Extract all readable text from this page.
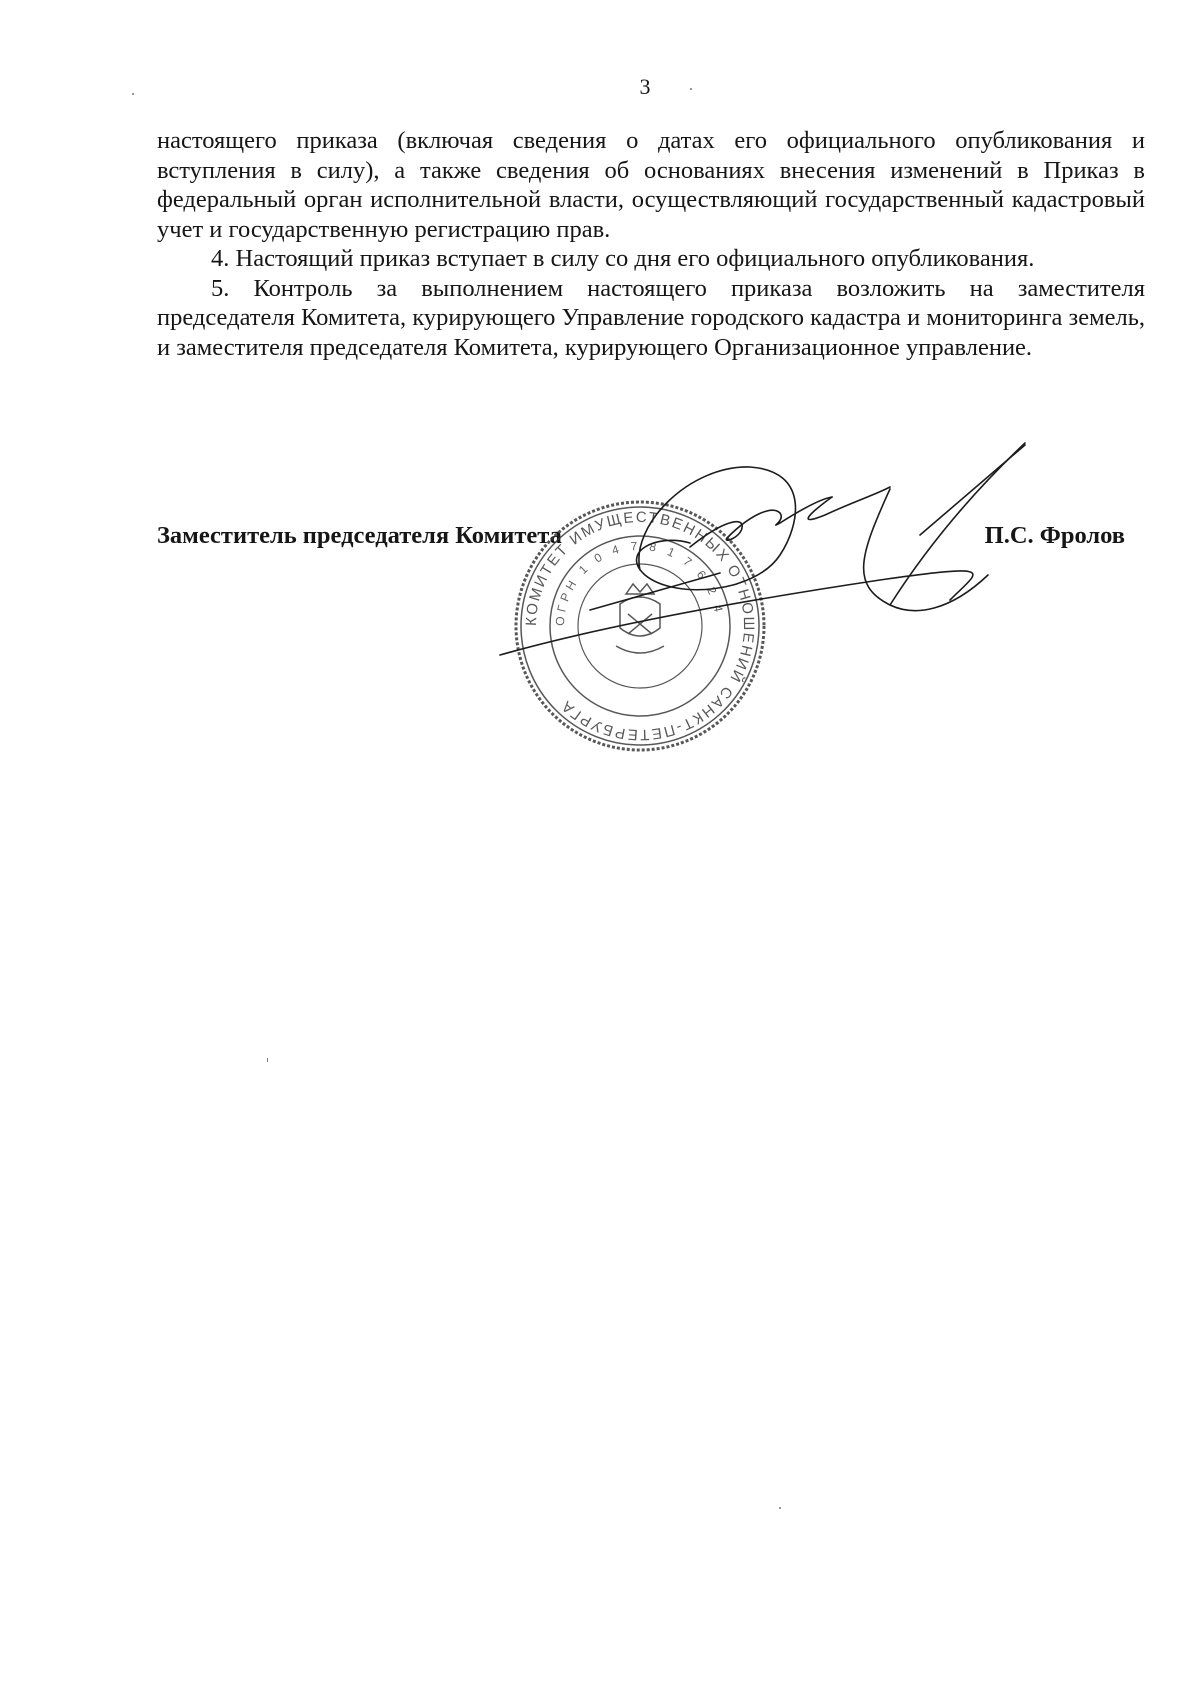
3

настоящего приказа (включая сведения о датах его официального опубликования и вступления в силу), а также сведения об основаниях внесения изменений в Приказ в федеральный орган исполнительной власти, осуществляющий государственный кадастровый учет и государственную регистрацию прав.

4. Настоящий приказ вступает в силу со дня его официального опубликования.

5. Контроль за выполнением настоящего приказа возложить на заместителя председателя Комитета, курирующего Управление городского кадастра и мониторинга земель, и заместителя председателя Комитета, курирующего Организационное управление.

Заместитель председателя Комитета	П.С. Фролов
КОМИТЕТ ИМУЩЕСТВЕННЫХ ОТНОШЕНИЙ САНКТ-ПЕТЕРБУРГА
ОГРН 1 0 4 7 8 1 7 6 2 4
